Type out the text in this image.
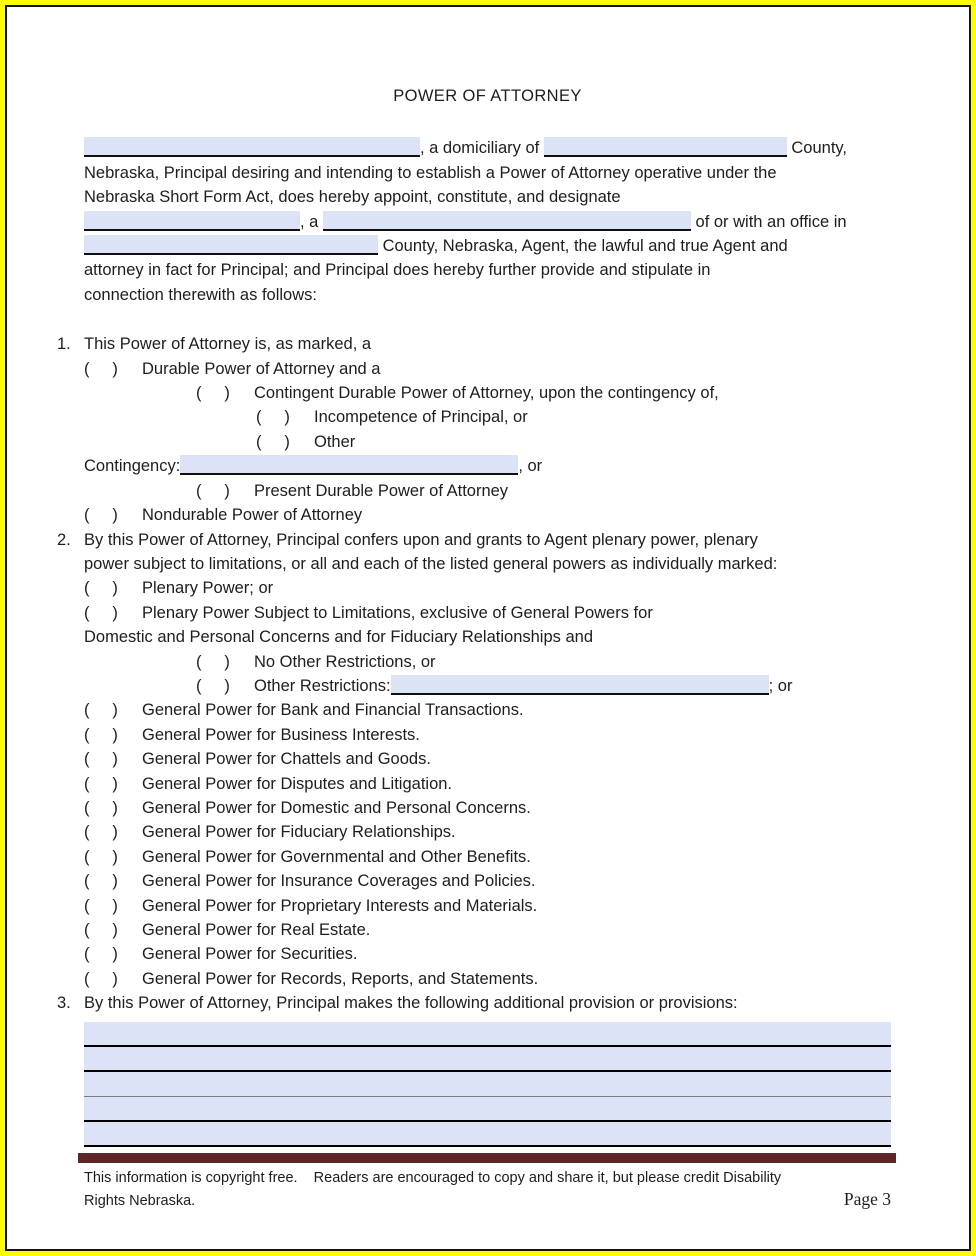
POWER OF ATTORNEY
, a domiciliary of	County,
Nebraska, Principal desiring and intending to establish a Power of Attorney operative under the
Nebraska Short Form Act, does hereby appoint, constitute, and designate
, a	of or with an office in
County, Nebraska, Agent, the lawful and true Agent and
attorney in fact for Principal; and Principal does hereby further provide and stipulate in
connection therewith as follows:
1. This Power of Attorney is, as marked, a
(     ) Durable Power of Attorney and a
(     ) Contingent Durable Power of Attorney, upon the contingency of,
(     ) Incompetence of Principal, or
(     ) Other
Contingency:	, or
(     ) Present Durable Power of Attorney
(     ) Nondurable Power of Attorney
2. By this Power of Attorney, Principal confers upon and grants to Agent plenary power, plenary
power subject to limitations, or all and each of the listed general powers as individually marked:
(     ) Plenary Power; or
(     ) Plenary Power Subject to Limitations, exclusive of General Powers for
Domestic and Personal Concerns and for Fiduciary Relationships and
(     ) No Other Restrictions, or
(     ) Other Restrictions:	; or
(     ) General Power for Bank and Financial Transactions.
(     ) General Power for Business Interests.
(     ) General Power for Chattels and Goods.
(     ) General Power for Disputes and Litigation.
(     ) General Power for Domestic and Personal Concerns.
(     ) General Power for Fiduciary Relationships.
(     ) General Power for Governmental and Other Benefits.
(     ) General Power for Insurance Coverages and Policies.
(     ) General Power for Proprietary Interests and Materials.
(     ) General Power for Real Estate.
(     ) General Power for Securities.
(     ) General Power for Records, Reports, and Statements.
3. By this Power of Attorney, Principal makes the following additional provision or provisions:
This information is copyright free.    Readers are encouraged to copy and share it, but please credit Disability
Rights Nebraska.	Page 3
